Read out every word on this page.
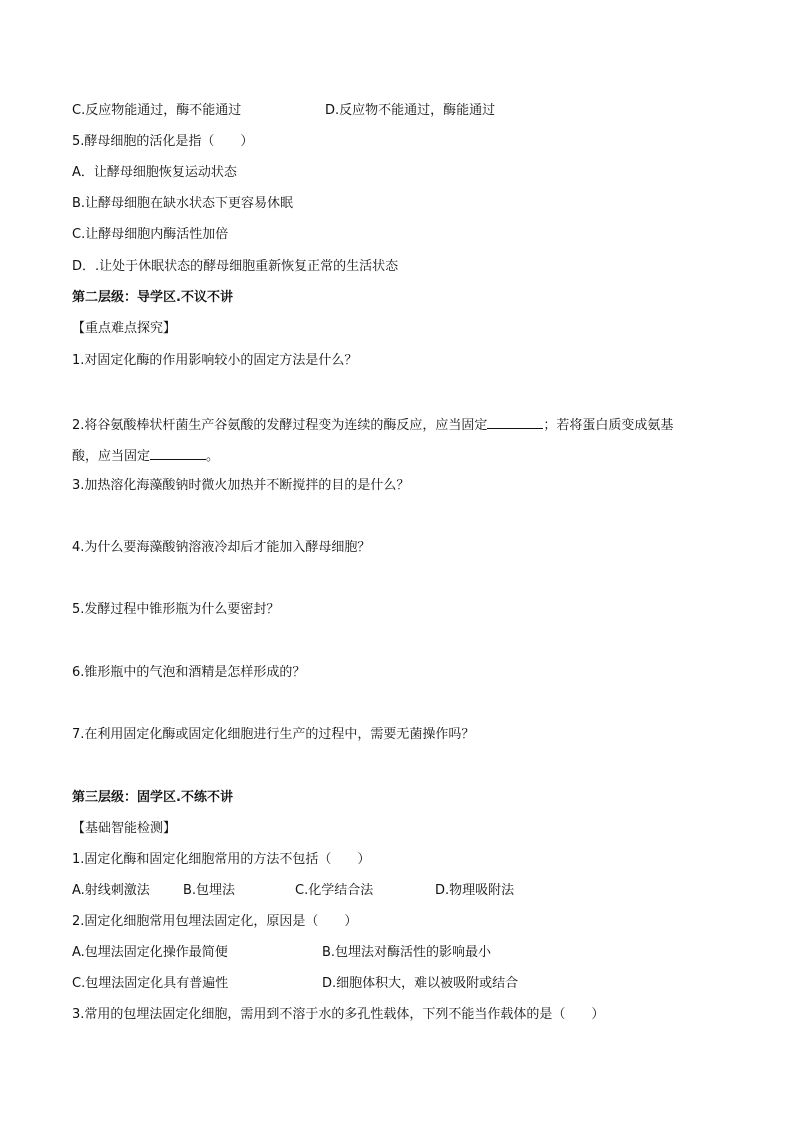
C.反应物能通过，酶不能通过	D.反应物不能通过，酶能通过
5.酵母细胞的活化是指（　　）
A．让酵母细胞恢复运动状态
B.让酵母细胞在缺水状态下更容易休眠
C.让酵母细胞内酶活性加倍
D．.让处于休眠状态的酵母细胞重新恢复正常的生活状态
第二层级：导学区.不议不讲
【重点难点探究】
1.对固定化酶的作用影响较小的固定方法是什么？
2.将谷氨酸棒状杆菌生产谷氨酸的发酵过程变为连续的酶反应，应当固定	；若将蛋白质变成氨基
酸，应当固定	。
3.加热溶化海藻酸钠时微火加热并不断搅拌的目的是什么？
4.为什么要海藻酸钠溶液冷却后才能加入酵母细胞？
5.发酵过程中锥形瓶为什么要密封？
6.锥形瓶中的气泡和酒精是怎样形成的？
7.在利用固定化酶或固定化细胞进行生产的过程中，需要无菌操作吗？
第三层级：固学区.不练不讲
【基础智能检测】
1.固定化酶和固定化细胞常用的方法不包括（　　）
A.射线刺激法	B.包埋法	C.化学结合法	D.物理吸附法
2.固定化细胞常用包埋法固定化，原因是（　　）
A.包埋法固定化操作最简便	B.包埋法对酶活性的影响最小
C.包埋法固定化具有普遍性	D.细胞体积大，难以被吸附或结合
3.常用的包埋法固定化细胞，需用到不溶于水的多孔性载体，下列不能当作载体的是（　　）
